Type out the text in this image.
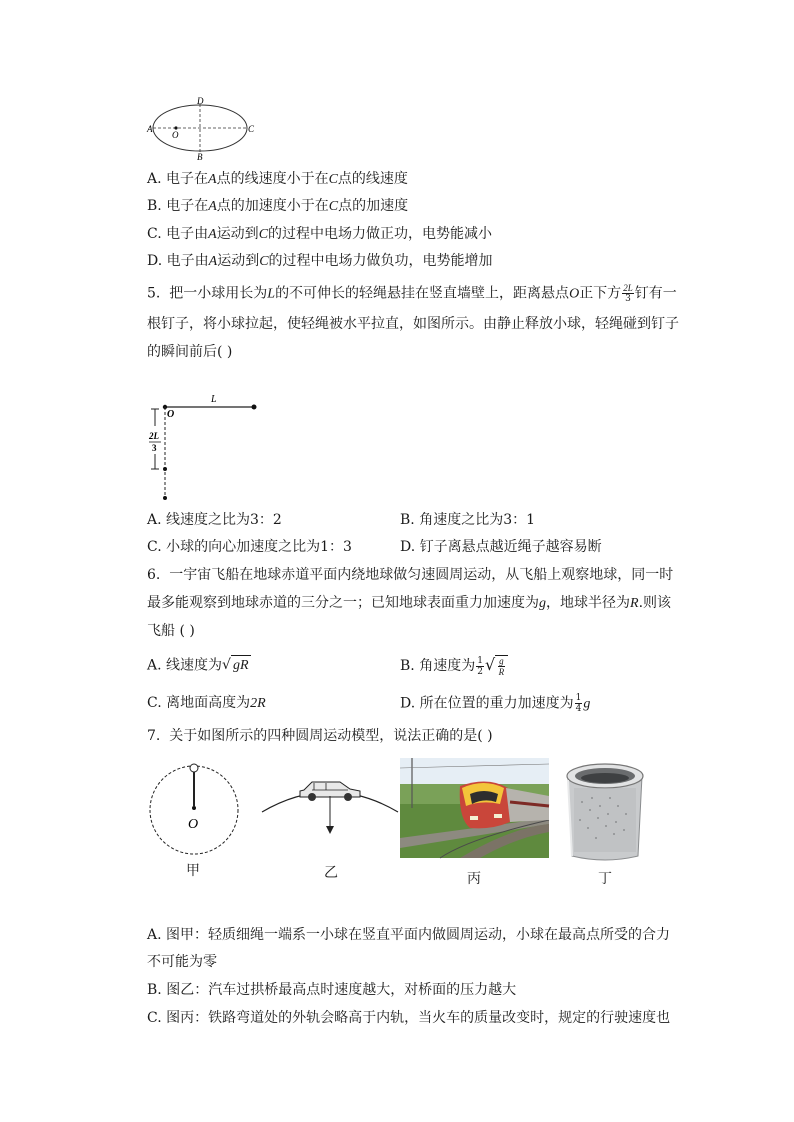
A	C
D
B
O
A. 电子在A点的线速度小于在C点的线速度
B. 电子在A点的加速度小于在C点的加速度
C. 电子由A运动到C的过程中电场力做正功，电势能减小
D. 电子由A运动到C的过程中电场力做负功，电势能增加
5. 把一小球用长为L的不可伸长的轻绳悬挂在竖直墙壁上，距离悬点O正下方 $\frac{2L}{3}$ 钉有一
根钉子，将小球拉起，使轻绳被水平拉直，如图所示。由静止释放小球，轻绳碰到钉子
的瞬间前后( )
O
L
2L
3
A. 线速度之比为3：2	B. 角速度之比为3：1
C. 小球的向心加速度之比为1：3	D. 钉子离悬点越近绳子越容易断
6. 一宇宙飞船在地球赤道平面内绕地球做匀速圆周运动，从飞船上观察地球，同一时
最多能观察到地球赤道的三分之一；已知地球表面重力加速度为g，地球半径为R.则该
飞船 ( )
A. 线速度为 √ gR	B. 角速度为 $\frac{1}{2}$ √ $\frac{g}{R}$
C. 离地面高度为2R	D. 所在位置的重力加速度为 $\frac{1}{4}$ g
7. 关于如图所示的四种圆周运动模型，说法正确的是( )
O
甲	乙	丙	丁
A. 图甲：轻质细绳一端系一小球在竖直平面内做圆周运动，小球在最高点所受的合力
不可能为零
B. 图乙：汽车过拱桥最高点时速度越大，对桥面的压力越大
C. 图丙：铁路弯道处的外轨会略高于内轨，当火车的质量改变时，规定的行驶速度也
